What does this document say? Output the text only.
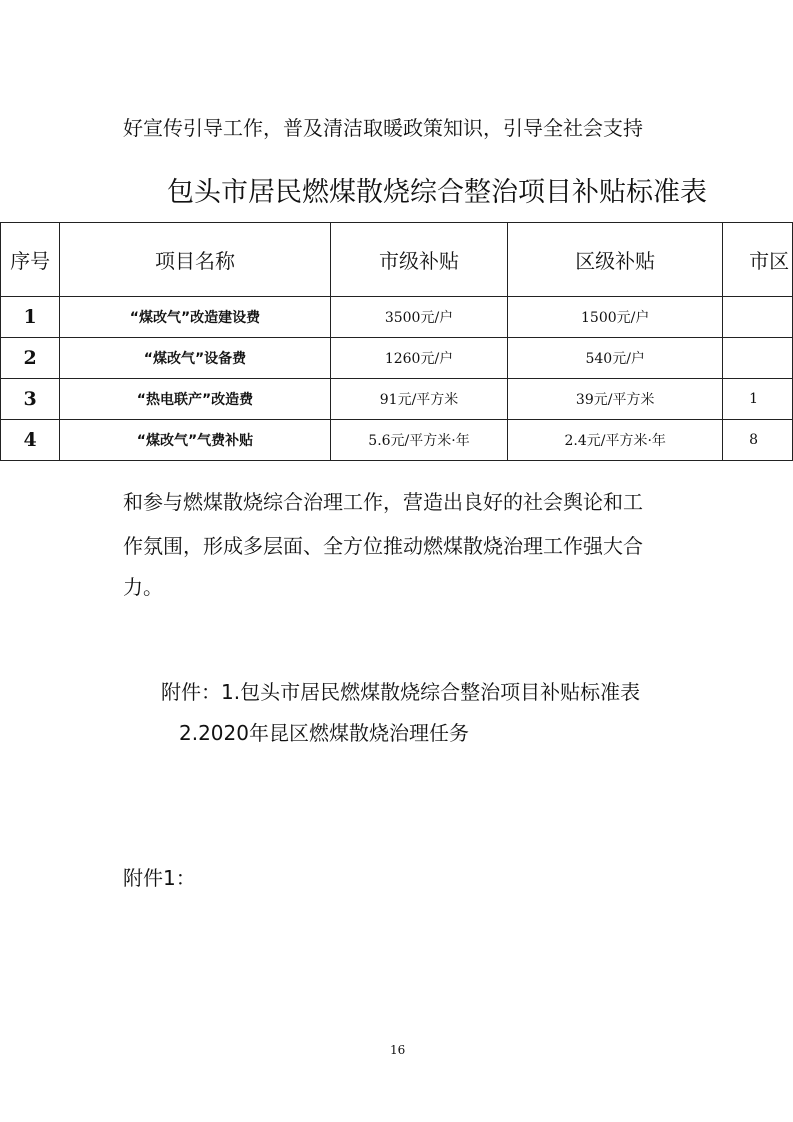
好宣传引导工作，普及清洁取暖政策知识，引导全社会支持
包头市居民燃煤散烧综合整治项目补贴标准表
序号	项目名称	市级补贴	区级补贴	市区
1	“煤改气”改造建设费	3500元/户	1500元/户	
2	“煤改气”设备费	1260元/户	540元/户	
3	“热电联产”改造费	91元/平方米	39元/平方米	1
4	“煤改气”气费补贴	5.6元/平方米·年	2.4元/平方米·年	8
和参与燃煤散烧综合治理工作，营造出良好的社会舆论和工
作氛围，形成多层面、全方位推动燃煤散烧治理工作强大合
力。
附件：1.包头市居民燃煤散烧综合整治项目补贴标准表
2.2020年昆区燃煤散烧治理任务
附件1：
16
